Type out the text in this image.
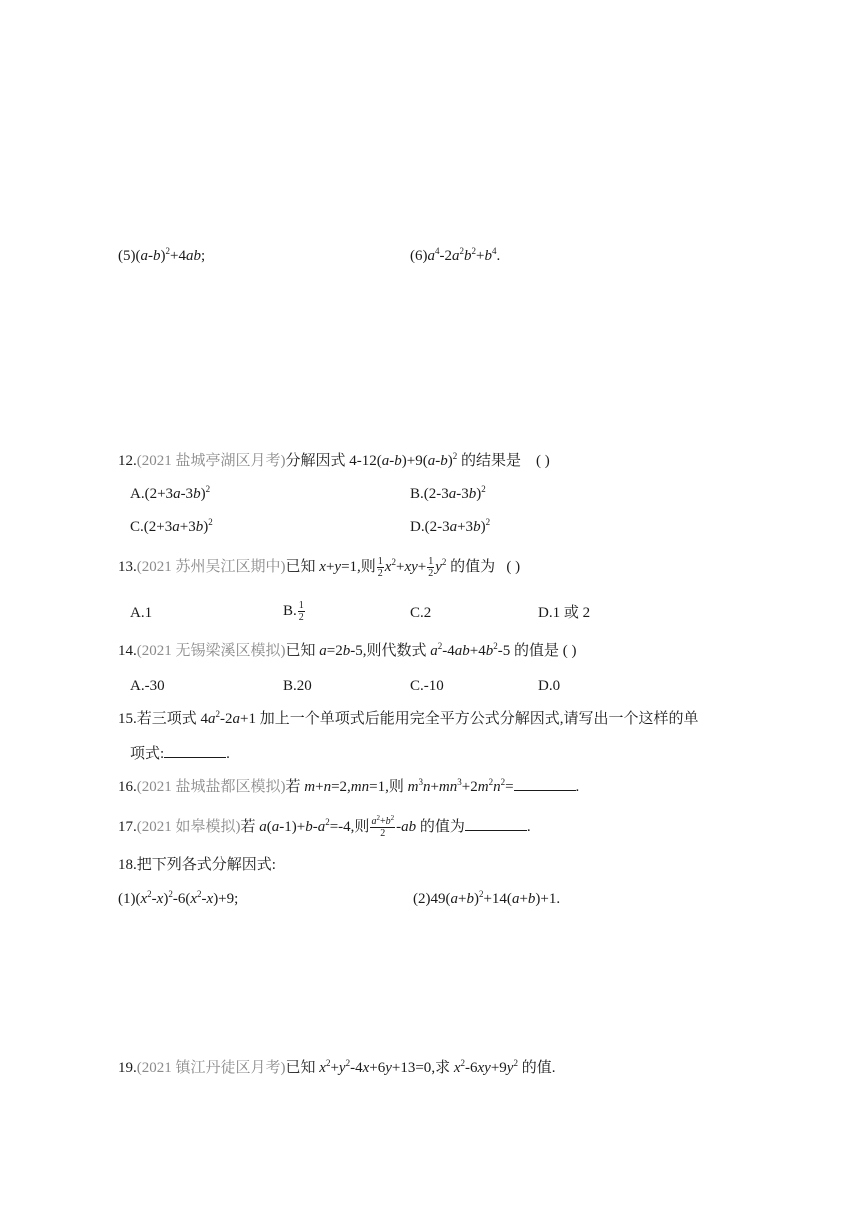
$(5)(a-b)^2+4ab$;	$(6)a^4-2a^2b^2+b^4$.
12.(2021 盐城亭湖区月考)分解因式 $4-12(a-b)+9(a-b)^2$ 的结果是 ( )
$A.(2+3a-3b)^2$	$B.(2-3a-3b)^2$
$C.(2+3a+3b)^2$	$D.(2-3a+3b)^2$
13.(2021 苏州吴江区期中)已知 x+y=1,则 $\frac{1}{2} x^2+xy+ \frac{1}{2} y^2$ 的值为 ( )
A.1	B. $\frac{1}{2}$	C.2	D.1 或 2
14.(2021 无锡梁溪区模拟)已知 a=2b-5,则代数式 $a^2-4ab+4b^2-5$ 的值是 ( )
A.-30	B.20	C.-10	D.0
15.若三项式 $4a^2-2a+1$ 加上一个单项式后能用完全平方公式分解因式,请写出一个这样的单
项式:	.
16.(2021 盐城盐都区模拟)若 m+n=2,mn=1,则 $m^3n+mn^3+2m^2n^2=$	.
17.(2021 如皋模拟)若 $a(a-1)+b-a^2=-4$,则 $\frac{a^2+b^2}{2} -ab$ 的值为	.
18.把下列各式分解因式:
$(1)(x^2-x)^2-6(x^2-x)+9$;	$(2)49(a+b)^2+14(a+b)+1$.
19.(2021 镇江丹徒区月考)已知 $x^2+y^2-4x+6y+13=0$,求 $x^2-6xy+9y^2$ 的值.
